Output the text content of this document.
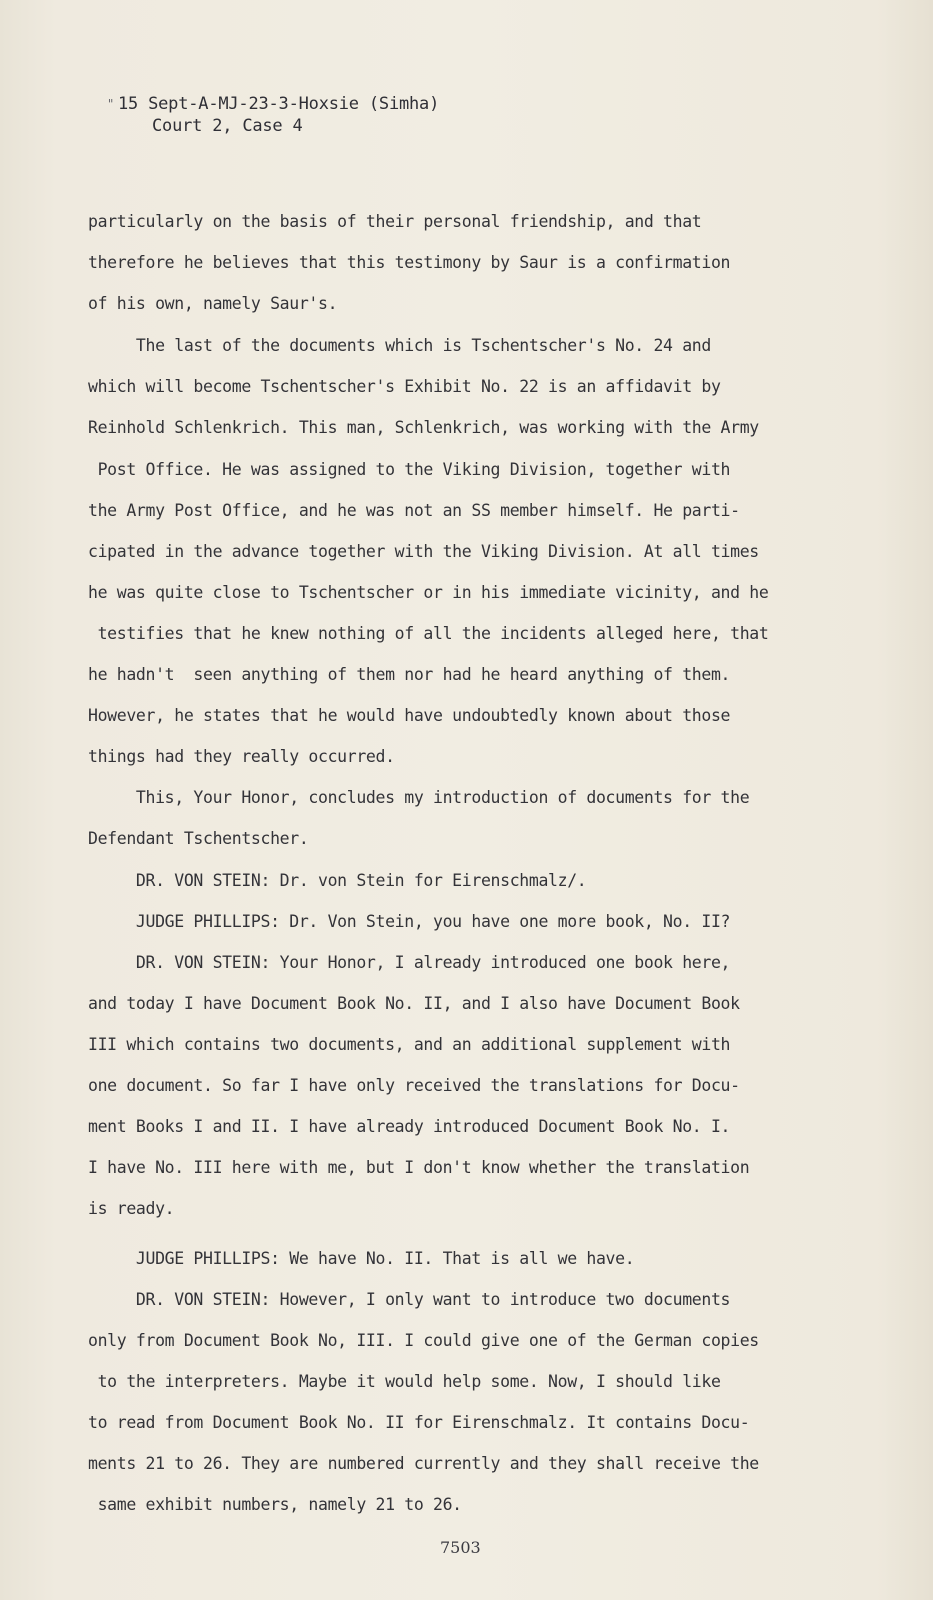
" 15 Sept-A-MJ-23-3-Hoxsie (Simha)
Court 2, Case 4
particularly on the basis of their personal friendship, and that
therefore he believes that this testimony by Saur is a confirmation
of his own, namely Saur's.
The last of the documents which is Tschentscher's No. 24 and
which will become Tschentscher's Exhibit No. 22 is an affidavit by
Reinhold Schlenkrich. This man, Schlenkrich, was working with the Army
Post Office. He was assigned to the Viking Division, together with
the Army Post Office, and he was not an SS member himself. He parti-
cipated in the advance together with the Viking Division. At all times
he was quite close to Tschentscher or in his immediate vicinity, and he
testifies that he knew nothing of all the incidents alleged here, that
he hadn't  seen anything of them nor had he heard anything of them.
However, he states that he would have undoubtedly known about those
things had they really occurred.
This, Your Honor, concludes my introduction of documents for the
Defendant Tschentscher.
DR. VON STEIN: Dr. von Stein for Eirenschmalz/.
JUDGE PHILLIPS: Dr. Von Stein, you have one more book, No. II?
DR. VON STEIN: Your Honor, I already introduced one book here,
and today I have Document Book No. II, and I also have Document Book
III which contains two documents, and an additional supplement with
one document. So far I have only received the translations for Docu-
ment Books I and II. I have already introduced Document Book No. I.
I have No. III here with me, but I don't know whether the translation
is ready.
JUDGE PHILLIPS: We have No. II. That is all we have.
DR. VON STEIN: However, I only want to introduce two documents
only from Document Book No, III. I could give one of the German copies
to the interpreters. Maybe it would help some. Now, I should like
to read from Document Book No. II for Eirenschmalz. It contains Docu-
ments 21 to 26. They are numbered currently and they shall receive the
same exhibit numbers, namely 21 to 26.
7503
